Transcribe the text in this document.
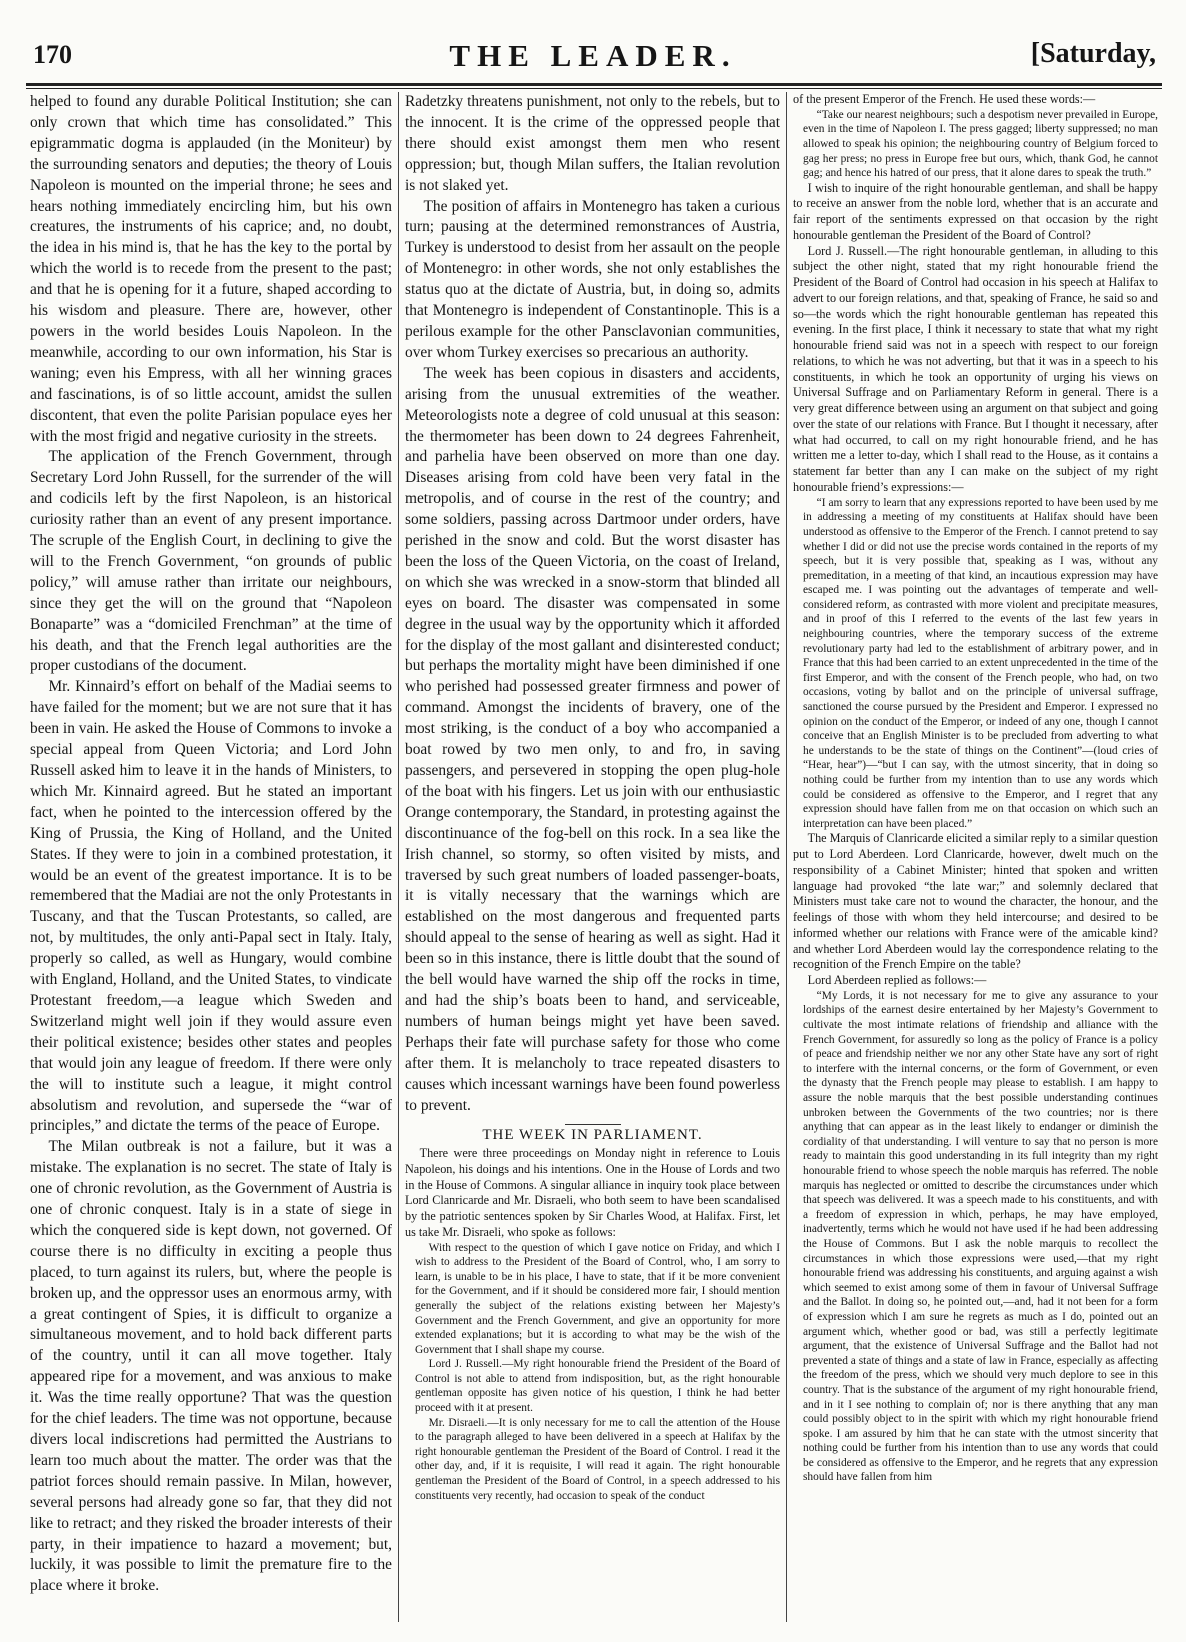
170	THE LEADER.	[Saturday,

helped to found any durable Political Institution; she can only crown that which time has consolidated.” This epigrammatic dogma is applauded (in the Moniteur) by the surrounding senators and deputies; the theory of Louis Napoleon is mounted on the imperial throne; he sees and hears nothing immediately encircling him, but his own creatures, the instruments of his caprice; and, no doubt, the idea in his mind is, that he has the key to the portal by which the world is to recede from the present to the past; and that he is opening for it a future, shaped according to his wisdom and pleasure. There are, however, other powers in the world besides Louis Napoleon. In the meanwhile, according to our own information, his Star is waning; even his Empress, with all her winning graces and fascinations, is of so little account, amidst the sullen discontent, that even the polite Parisian populace eyes her with the most frigid and negative curiosity in the streets.

The application of the French Government, through Secretary Lord John Russell, for the surrender of the will and codicils left by the first Napoleon, is an historical curiosity rather than an event of any present importance. The scruple of the English Court, in declining to give the will to the French Government, “on grounds of public policy,” will amuse rather than irritate our neighbours, since they get the will on the ground that “Napoleon Bonaparte” was a “domiciled Frenchman” at the time of his death, and that the French legal authorities are the proper custodians of the document.

Mr. Kinnaird’s effort on behalf of the Madiai seems to have failed for the moment; but we are not sure that it has been in vain. He asked the House of Commons to invoke a special appeal from Queen Victoria; and Lord John Russell asked him to leave it in the hands of Ministers, to which Mr. Kinnaird agreed. But he stated an important fact, when he pointed to the intercession offered by the King of Prussia, the King of Holland, and the United States. If they were to join in a combined protestation, it would be an event of the greatest importance. It is to be remembered that the Madiai are not the only Protestants in Tuscany, and that the Tuscan Protestants, so called, are not, by multitudes, the only anti-Papal sect in Italy. Italy, properly so called, as well as Hungary, would combine with England, Holland, and the United States, to vindicate Protestant freedom,—a league which Sweden and Switzerland might well join if they would assure even their political existence; besides other states and peoples that would join any league of freedom. If there were only the will to institute such a league, it might control absolutism and revolution, and supersede the “war of principles,” and dictate the terms of the peace of Europe.

The Milan outbreak is not a failure, but it was a mistake. The explanation is no secret. The state of Italy is one of chronic revolution, as the Government of Austria is one of chronic conquest. Italy is in a state of siege in which the conquered side is kept down, not governed. Of course there is no difficulty in exciting a people thus placed, to turn against its rulers, but, where the people is broken up, and the oppressor uses an enormous army, with a great contingent of Spies, it is difficult to organize a simultaneous movement, and to hold back different parts of the country, until it can all move together. Italy appeared ripe for a movement, and was anxious to make it. Was the time really opportune? That was the question for the chief leaders. The time was not opportune, because divers local indiscretions had permitted the Austrians to learn too much about the matter. The order was that the patriot forces should remain passive. In Milan, however, several persons had already gone so far, that they did not like to retract; and they risked the broader interests of their party, in their impatience to hazard a movement; but, luckily, it was possible to limit the premature fire to the place where it broke.

Radetzky threatens punishment, not only to the rebels, but to the innocent. It is the crime of the oppressed people that there should exist amongst them men who resent oppression; but, though Milan suffers, the Italian revolution is not slaked yet.

The position of affairs in Montenegro has taken a curious turn; pausing at the determined remonstrances of Austria, Turkey is understood to desist from her assault on the people of Montenegro: in other words, she not only establishes the status quo at the dictate of Austria, but, in doing so, admits that Montenegro is independent of Constantinople. This is a perilous example for the other Pansclavonian communities, over whom Turkey exercises so precarious an authority.

The week has been copious in disasters and accidents, arising from the unusual extremities of the weather. Meteorologists note a degree of cold unusual at this season: the thermometer has been down to 24 degrees Fahrenheit, and parhelia have been observed on more than one day. Diseases arising from cold have been very fatal in the metropolis, and of course in the rest of the country; and some soldiers, passing across Dartmoor under orders, have perished in the snow and cold. But the worst disaster has been the loss of the Queen Victoria, on the coast of Ireland, on which she was wrecked in a snow-storm that blinded all eyes on board. The disaster was compensated in some degree in the usual way by the opportunity which it afforded for the display of the most gallant and disinterested conduct; but perhaps the mortality might have been diminished if one who perished had possessed greater firmness and power of command. Amongst the incidents of bravery, one of the most striking, is the conduct of a boy who accompanied a boat rowed by two men only, to and fro, in saving passengers, and persevered in stopping the open plug-hole of the boat with his fingers. Let us join with our enthusiastic Orange contemporary, the Standard, in protesting against the discontinuance of the fog-bell on this rock. In a sea like the Irish channel, so stormy, so often visited by mists, and traversed by such great numbers of loaded passenger-boats, it is vitally necessary that the warnings which are established on the most dangerous and frequented parts should appeal to the sense of hearing as well as sight. Had it been so in this instance, there is little doubt that the sound of the bell would have warned the ship off the rocks in time, and had the ship’s boats been to hand, and serviceable, numbers of human beings might yet have been saved. Perhaps their fate will purchase safety for those who come after them. It is melancholy to trace repeated disasters to causes which incessant warnings have been found powerless to prevent.

THE WEEK IN PARLIAMENT.

There were three proceedings on Monday night in reference to Louis Napoleon, his doings and his intentions. One in the House of Lords and two in the House of Commons. A singular alliance in inquiry took place between Lord Clanricarde and Mr. Disraeli, who both seem to have been scandalised by the patriotic sentences spoken by Sir Charles Wood, at Halifax. First, let us take Mr. Disraeli, who spoke as follows:

With respect to the question of which I gave notice on Friday, and which I wish to address to the President of the Board of Control, who, I am sorry to learn, is unable to be in his place, I have to state, that if it be more convenient for the Government, and if it should be considered more fair, I should mention generally the subject of the relations existing between her Majesty’s Government and the French Government, and give an opportunity for more extended explanations; but it is according to what may be the wish of the Government that I shall shape my course.

Lord J. Russell.—My right honourable friend the President of the Board of Control is not able to attend from indisposition, but, as the right honourable gentleman opposite has given notice of his question, I think he had better proceed with it at present.

Mr. Disraeli.—It is only necessary for me to call the attention of the House to the paragraph alleged to have been delivered in a speech at Halifax by the right honourable gentleman the President of the Board of Control. I read it the other day, and, if it is requisite, I will read it again. The right honourable gentleman the President of the Board of Control, in a speech addressed to his constituents very recently, had occasion to speak of the conduct

of the present Emperor of the French. He used these words:—

“Take our nearest neighbours; such a despotism never prevailed in Europe, even in the time of Napoleon I. The press gagged; liberty suppressed; no man allowed to speak his opinion; the neighbouring country of Belgium forced to gag her press; no press in Europe free but ours, which, thank God, he cannot gag; and hence his hatred of our press, that it alone dares to speak the truth.”

I wish to inquire of the right honourable gentleman, and shall be happy to receive an answer from the noble lord, whether that is an accurate and fair report of the sentiments expressed on that occasion by the right honourable gentleman the President of the Board of Control?

Lord J. Russell.—The right honourable gentleman, in alluding to this subject the other night, stated that my right honourable friend the President of the Board of Control had occasion in his speech at Halifax to advert to our foreign relations, and that, speaking of France, he said so and so—the words which the right honourable gentleman has repeated this evening. In the first place, I think it necessary to state that what my right honourable friend said was not in a speech with respect to our foreign relations, to which he was not adverting, but that it was in a speech to his constituents, in which he took an opportunity of urging his views on Universal Suffrage and on Parliamentary Reform in general. There is a very great difference between using an argument on that subject and going over the state of our relations with France. But I thought it necessary, after what had occurred, to call on my right honourable friend, and he has written me a letter to-day, which I shall read to the House, as it contains a statement far better than any I can make on the subject of my right honourable friend’s expressions:—

“I am sorry to learn that any expressions reported to have been used by me in addressing a meeting of my constituents at Halifax should have been understood as offensive to the Emperor of the French. I cannot pretend to say whether I did or did not use the precise words contained in the reports of my speech, but it is very possible that, speaking as I was, without any premeditation, in a meeting of that kind, an incautious expression may have escaped me. I was pointing out the advantages of temperate and well-considered reform, as contrasted with more violent and precipitate measures, and in proof of this I referred to the events of the last few years in neighbouring countries, where the temporary success of the extreme revolutionary party had led to the establishment of arbitrary power, and in France that this had been carried to an extent unprecedented in the time of the first Emperor, and with the consent of the French people, who had, on two occasions, voting by ballot and on the principle of universal suffrage, sanctioned the course pursued by the President and Emperor. I expressed no opinion on the conduct of the Emperor, or indeed of any one, though I cannot conceive that an English Minister is to be precluded from adverting to what he understands to be the state of things on the Continent”—(loud cries of “Hear, hear”)—“but I can say, with the utmost sincerity, that in doing so nothing could be further from my intention than to use any words which could be considered as offensive to the Emperor, and I regret that any expression should have fallen from me on that occasion on which such an interpretation can have been placed.”

The Marquis of Clanricarde elicited a similar reply to a similar question put to Lord Aberdeen. Lord Clanricarde, however, dwelt much on the responsibility of a Cabinet Minister; hinted that spoken and written language had provoked “the late war;” and solemnly declared that Ministers must take care not to wound the character, the honour, and the feelings of those with whom they held intercourse; and desired to be informed whether our relations with France were of the amicable kind? and whether Lord Aberdeen would lay the correspondence relating to the recognition of the French Empire on the table?

Lord Aberdeen replied as follows:—

“My Lords, it is not necessary for me to give any assurance to your lordships of the earnest desire entertained by her Majesty’s Government to cultivate the most intimate relations of friendship and alliance with the French Government, for assuredly so long as the policy of France is a policy of peace and friendship neither we nor any other State have any sort of right to interfere with the internal concerns, or the form of Government, or even the dynasty that the French people may please to establish. I am happy to assure the noble marquis that the best possible understanding continues unbroken between the Governments of the two countries; nor is there anything that can appear as in the least likely to endanger or diminish the cordiality of that understanding. I will venture to say that no person is more ready to maintain this good understanding in its full integrity than my right honourable friend to whose speech the noble marquis has referred. The noble marquis has neglected or omitted to describe the circumstances under which that speech was delivered. It was a speech made to his constituents, and with a freedom of expression in which, perhaps, he may have employed, inadvertently, terms which he would not have used if he had been addressing the House of Commons. But I ask the noble marquis to recollect the circumstances in which those expressions were used,—that my right honourable friend was addressing his constituents, and arguing against a wish which seemed to exist among some of them in favour of Universal Suffrage and the Ballot. In doing so, he pointed out,—and, had it not been for a form of expression which I am sure he regrets as much as I do, pointed out an argument which, whether good or bad, was still a perfectly legitimate argument, that the existence of Universal Suffrage and the Ballot had not prevented a state of things and a state of law in France, especially as affecting the freedom of the press, which we should very much deplore to see in this country. That is the substance of the argument of my right honourable friend, and in it I see nothing to complain of; nor is there anything that any man could possibly object to in the spirit with which my right honourable friend spoke. I am assured by him that he can state with the utmost sincerity that nothing could be further from his intention than to use any words that could be considered as offensive to the Emperor, and he regrets that any expression should have fallen from him
